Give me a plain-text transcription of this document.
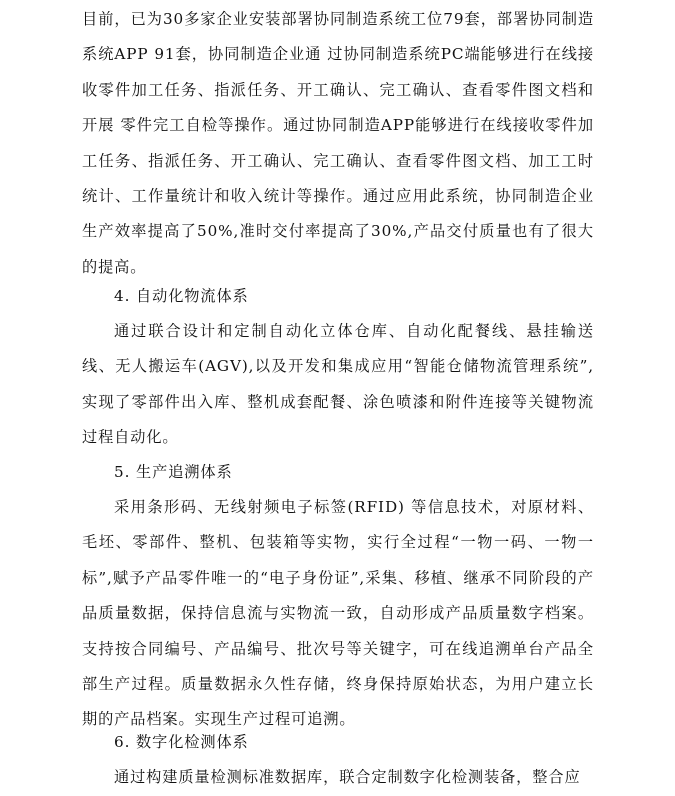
目前，已为30多家企业安装部署协同制造系统工位79套，部署协同制造系统APP 91套，协同制造企业通 过协同制造系统PC端能够进行在线接收零件加工任务、指派任务、开工确认、完工确认、查看零件图文档和开展 零件完工自检等操作。通过协同制造APP能够进行在线接收零件加工任务、指派任务、开工确认、完工确认、查看零件图文档、加工工时统计、工作量统计和收入统计等操作。通过应用此系统，协同制造企业生产效率提高了50%,准时交付率提高了30%,产品交付质量也有了很大的提高。

4. 自动化物流体系

通过联合设计和定制自动化立体仓库、自动化配餐线、悬挂输送线、无人搬运车(AGV),以及开发和集成应用“智能仓储物流管理系统”,实现了零部件出入库、整机成套配餐、涂色喷漆和附件连接等关键物流过程自动化。

5. 生产追溯体系

采用条形码、无线射频电子标签(RFID) 等信息技术，对原材料、毛坯、零部件、整机、包装箱等实物，实行全过程“一物一码、一物一标”,赋予产品零件唯一的“电子身份证”,采集、移植、继承不同阶段的产品质量数据，保持信息流与实物流一致，自动形成产品质量数字档案。支持按合同编号、产品编号、批次号等关键字，可在线追溯单台产品全部生产过程。质量数据永久性存储，终身保持原始状态，为用户建立长期的产品档案。实现生产过程可追溯。

6. 数字化检测体系

通过构建质量检测标准数据库，联合定制数字化检测装备，整合应
